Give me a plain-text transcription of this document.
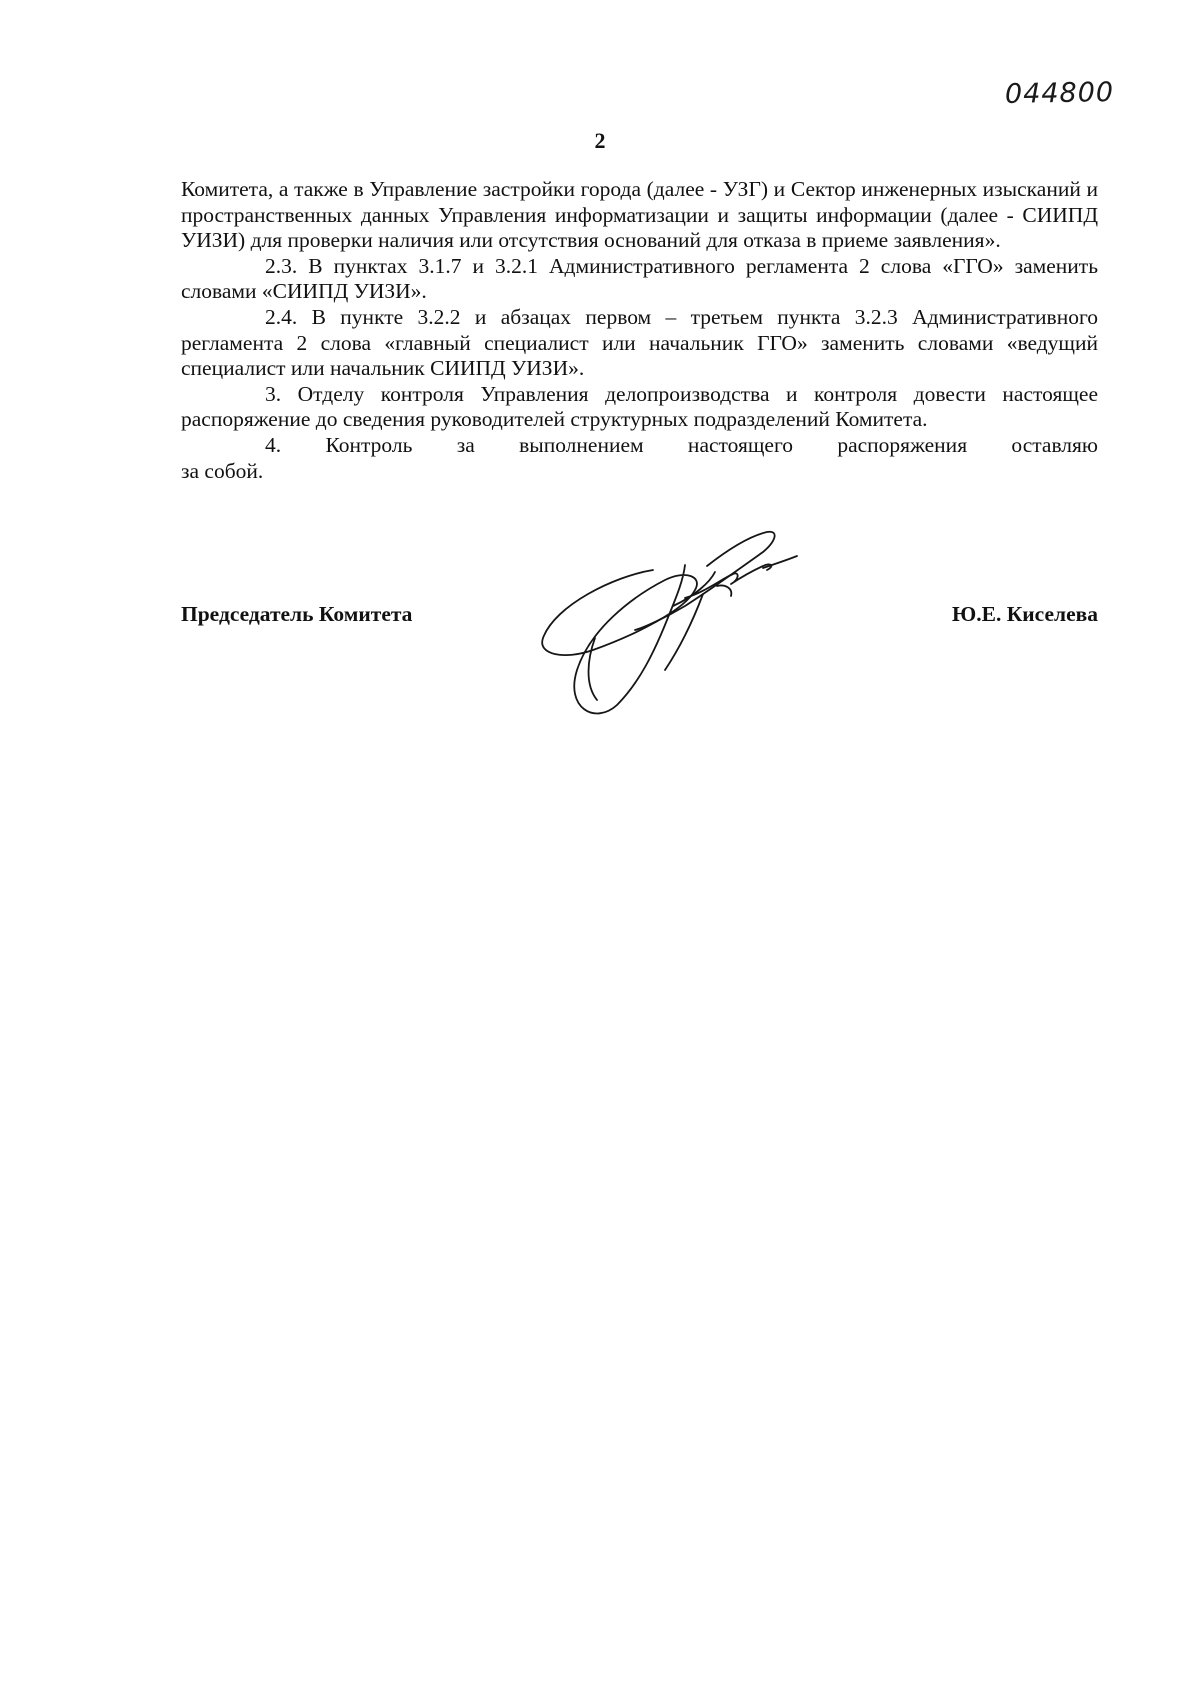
044800
2

Комитета, а также в Управление застройки города (далее - УЗГ) и Сектор инженерных изысканий и пространственных данных Управления информатизации и защиты информации (далее - СИИПД УИЗИ) для проверки наличия или отсутствия оснований для отказа в приеме заявления».

2.3. В пунктах 3.1.7 и 3.2.1 Административного регламента 2 слова «ГГО» заменить словами «СИИПД УИЗИ».

2.4. В пункте 3.2.2 и абзацах первом – третьем пункта 3.2.3 Административного регламента 2 слова «главный специалист или начальник ГГО» заменить словами «ведущий специалист или начальник СИИПД УИЗИ».

3. Отделу контроля Управления делопроизводства и контроля довести настоящее распоряжение до сведения руководителей структурных подразделений Комитета.

4. Контроль за выполнением настоящего распоряжения оставляю

за собой.

Председатель Комитета	Ю.Е. Киселева
